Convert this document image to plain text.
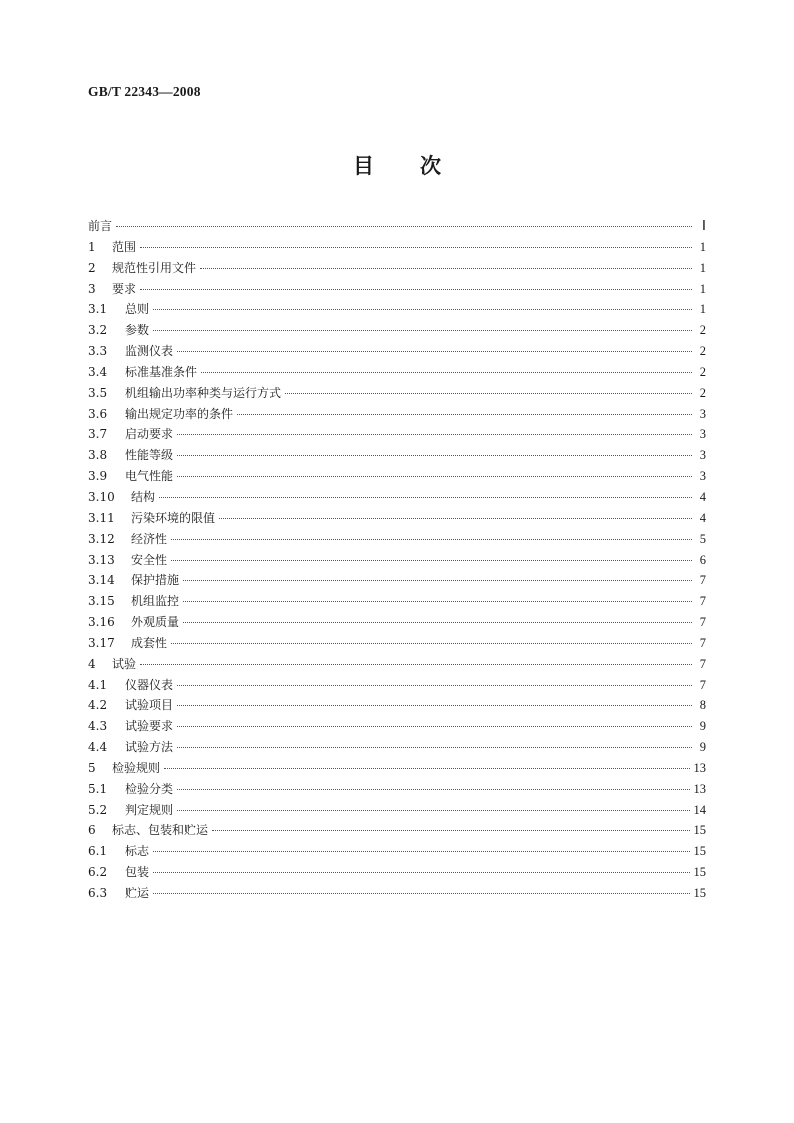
GB/T 22343—2008
目 次
前言	Ⅰ
1	范围	1
2	规范性引用文件	1
3	要求	1
3.1	总则	1
3.2	参数	2
3.3	监测仪表	2
3.4	标准基准条件	2
3.5	机组输出功率种类与运行方式	2
3.6	输出规定功率的条件	3
3.7	启动要求	3
3.8	性能等级	3
3.9	电气性能	3
3.10	结构	4
3.11	污染环境的限值	4
3.12	经济性	5
3.13	安全性	6
3.14	保护措施	7
3.15	机组监控	7
3.16	外观质量	7
3.17	成套性	7
4	试验	7
4.1	仪器仪表	7
4.2	试验项目	8
4.3	试验要求	9
4.4	试验方法	9
5	检验规则	13
5.1	检验分类	13
5.2	判定规则	14
6	标志、包装和贮运	15
6.1	标志	15
6.2	包装	15
6.3	贮运	15
